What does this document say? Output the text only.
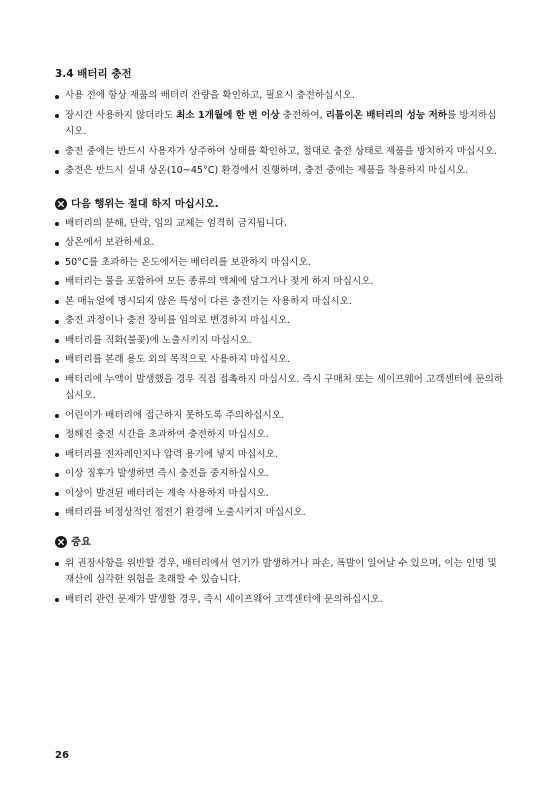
3.4 배터리 충전
사용 전에 항상 제품의 배터리 잔량을 확인하고, 필요시 충전하십시오.
장시간 사용하지 않더라도 최소 1개월에 한 번 이상 충전하여, 리튬이온 배터리의 성능 저하를 방지하십시오.
충전 중에는 반드시 사용자가 상주하여 상태를 확인하고, 절대로 충전 상태로 제품을 방치하지 마십시오.
충전은 반드시 실내 상온(10~45°C) 환경에서 진행하며, 충전 중에는 제품을 착용하지 마십시오.
다음 행위는 절대 하지 마십시오.
배터리의 분해, 단락, 임의 교체는 엄격히 금지됩니다.
상온에서 보관하세요.
50°C를 초과하는 온도에서는 배터리를 보관하지 마십시오.
배터리는 물을 포함하여 모든 종류의 액체에 담그거나 젖게 하지 마십시오.
본 매뉴얼에 명시되지 않은 특성이 다른 충전기는 사용하지 마십시오.
충전 과정이나 충전 장비를 임의로 변경하지 마십시오.
배터리를 직화(불꽃)에 노출시키지 마십시오.
배터리를 본래 용도 외의 목적으로 사용하지 마십시오.
배터리에 누액이 발생했을 경우 직접 접촉하지 마십시오. 즉시 구매처 또는 세이프웨어 고객센터에 문의하십시오.
어린이가 배터리에 접근하지 못하도록 주의하십시오.
정해진 충전 시간을 초과하여 충전하지 마십시오.
배터리를 전자레인지나 압력 용기에 넣지 마십시오.
이상 징후가 발생하면 즉시 충전을 중지하십시오.
이상이 발견된 배터리는 계속 사용하지 마십시오.
배터리를 비정상적인 정전기 환경에 노출시키지 마십시오.
중요
위 권장사항을 위반할 경우, 배터리에서 연기가 발생하거나 파손, 폭발이 일어날 수 있으며, 이는 인명 및 재산에 심각한 위험을 초래할 수 있습니다.
배터리 관련 문제가 발생할 경우, 즉시 세이프웨어 고객센터에 문의하십시오.
26
